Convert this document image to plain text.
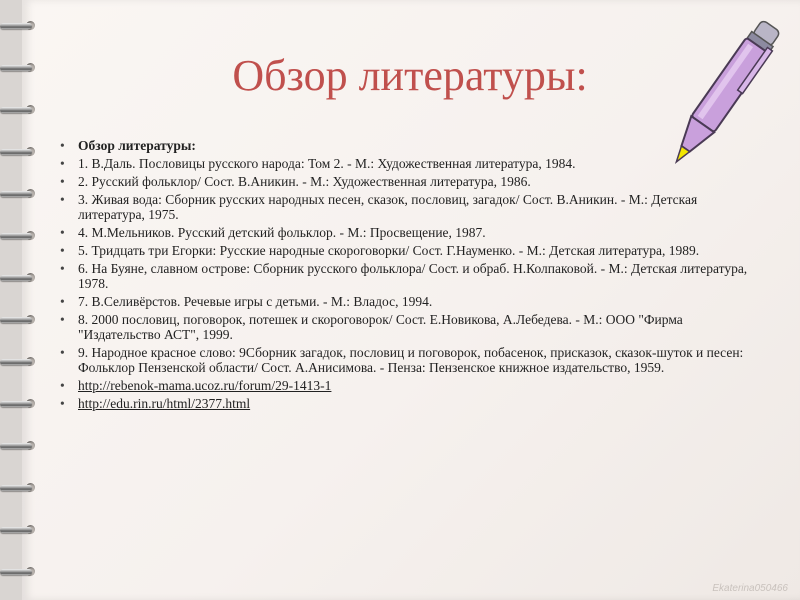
Обзор литературы:
• Обзор литературы:
• 1. В.Даль. Пословицы русского народа: Том 2. - М.: Художественная литература, 1984.
• 2. Русский фольклор/ Сост. В.Аникин. - М.: Художественная литература, 1986.
• 3. Живая вода: Сборник русских народных песен, сказок, пословиц, загадок/ Сост. В.Аникин. - М.: Детская литература, 1975.
• 4. М.Мельников. Русский детский фольклор. - М.: Просвещение, 1987.
• 5. Тридцать три Егорки: Русские народные скороговорки/ Сост. Г.Науменко. - М.: Детская литература, 1989.
• 6. На Буяне, славном острове: Сборник русского фольклора/ Сост. и обраб. Н.Колпаковой. - М.: Детская литература, 1978.
• 7. В.Селивёрстов. Речевые игры с детьми. - М.: Владос, 1994.
• 8. 2000 пословиц, поговорок, потешек и скороговорок/ Сост. Е.Новикова, А.Лебедева. - М.: ООО "Фирма "Издательство АСТ", 1999.
• 9. Народное красное слово: 9Сборник загадок, пословиц и поговорок, побасенок, присказок, сказок-шуток и песен: Фольклор Пензенской области/ Сост. А.Анисимова. - Пенза: Пензенское книжное издательство, 1959.
• http://rebenok-mama.ucoz.ru/forum/29-1413-1
• http://edu.rin.ru/html/2377.html
Ekaterina050466
